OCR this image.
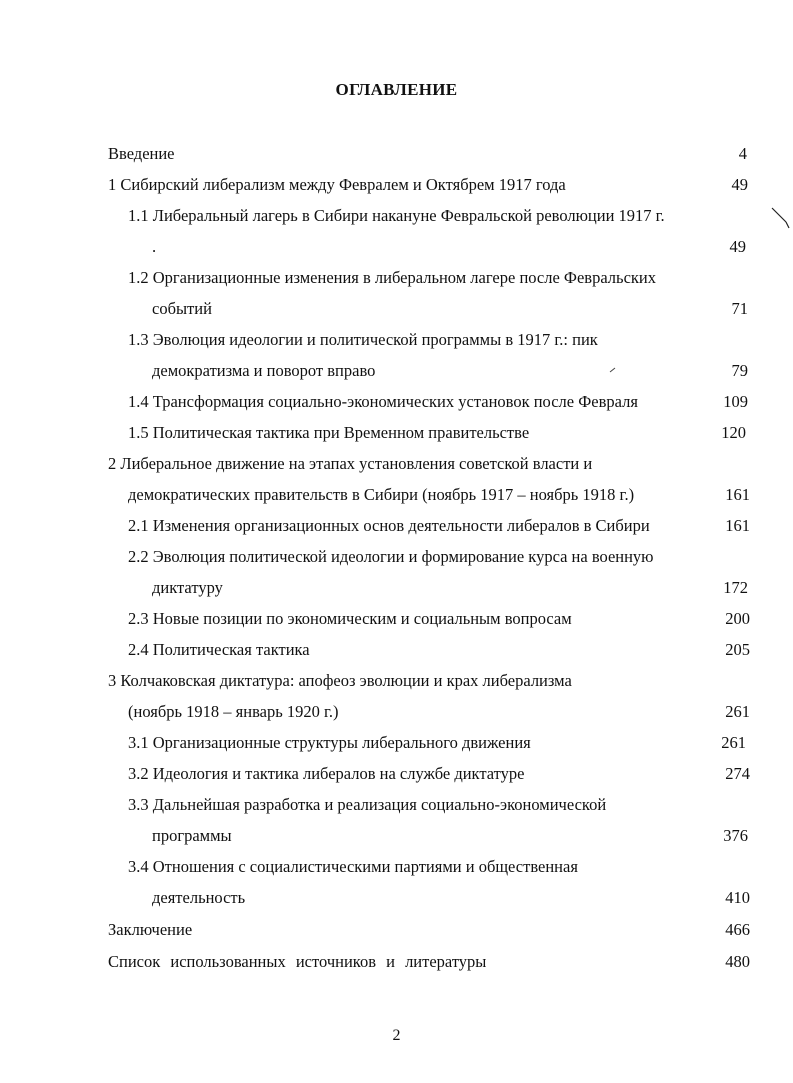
ОГЛАВЛЕНИЕ
Введение	4
1 Сибирский либерализм между Февралем и Октябрем 1917 года	49
1.1 Либеральный лагерь в Сибири накануне Февральской революции 1917 г.
.	49
1.2 Организационные изменения в либеральном лагере после Февральских
событий	71
1.3 Эволюция идеологии и политической программы в 1917 г.: пик
демократизма и поворот вправо	79
1.4 Трансформация социально-экономических установок после Февраля	109
1.5 Политическая тактика при Временном правительстве	120
2 Либеральное движение на этапах установления советской власти и
демократических правительств в Сибири (ноябрь 1917 – ноябрь 1918 г.)	161
2.1 Изменения организационных основ деятельности либералов в Сибири	161
2.2 Эволюция политической идеологии и формирование курса на военную
диктатуру	172
2.3 Новые позиции по экономическим и социальным вопросам	200
2.4 Политическая тактика	205
3 Колчаковская диктатура: апофеоз эволюции и крах либерализма
(ноябрь 1918 – январь 1920 г.)	261
3.1 Организационные структуры либерального движения	261
3.2 Идеология и тактика либералов на службе диктатуре	274
3.3 Дальнейшая разработка и реализация социально-экономической
программы	376
3.4 Отношения с социалистическими партиями и общественная
деятельность	410
Заключение	466
Список использованных источников и литературы	480
2
